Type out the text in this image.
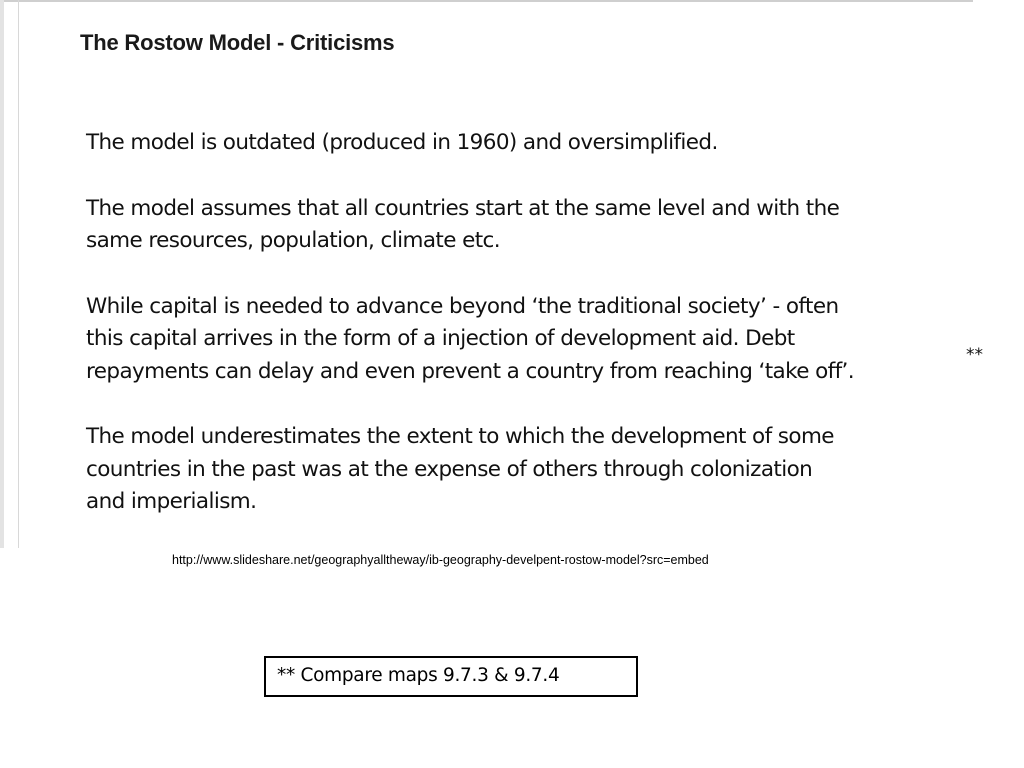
The Rostow Model - Criticisms

The model is outdated (produced in 1960) and oversimplified.

The model assumes that all countries start at the same level and with the
same resources, population, climate etc.

While capital is needed to advance beyond ‘the traditional society’ - often
this capital arrives in the form of a injection of development aid. Debt
repayments can delay and even prevent a country from reaching ‘take off’.

The model underestimates the extent to which the development of some
countries in the past was at the expense of others through colonization
and imperialism.

**
http://www.slideshare.net/geographyalltheway/ib-geography-develpent-rostow-model?src=embed
** Compare maps 9.7.3 & 9.7.4
